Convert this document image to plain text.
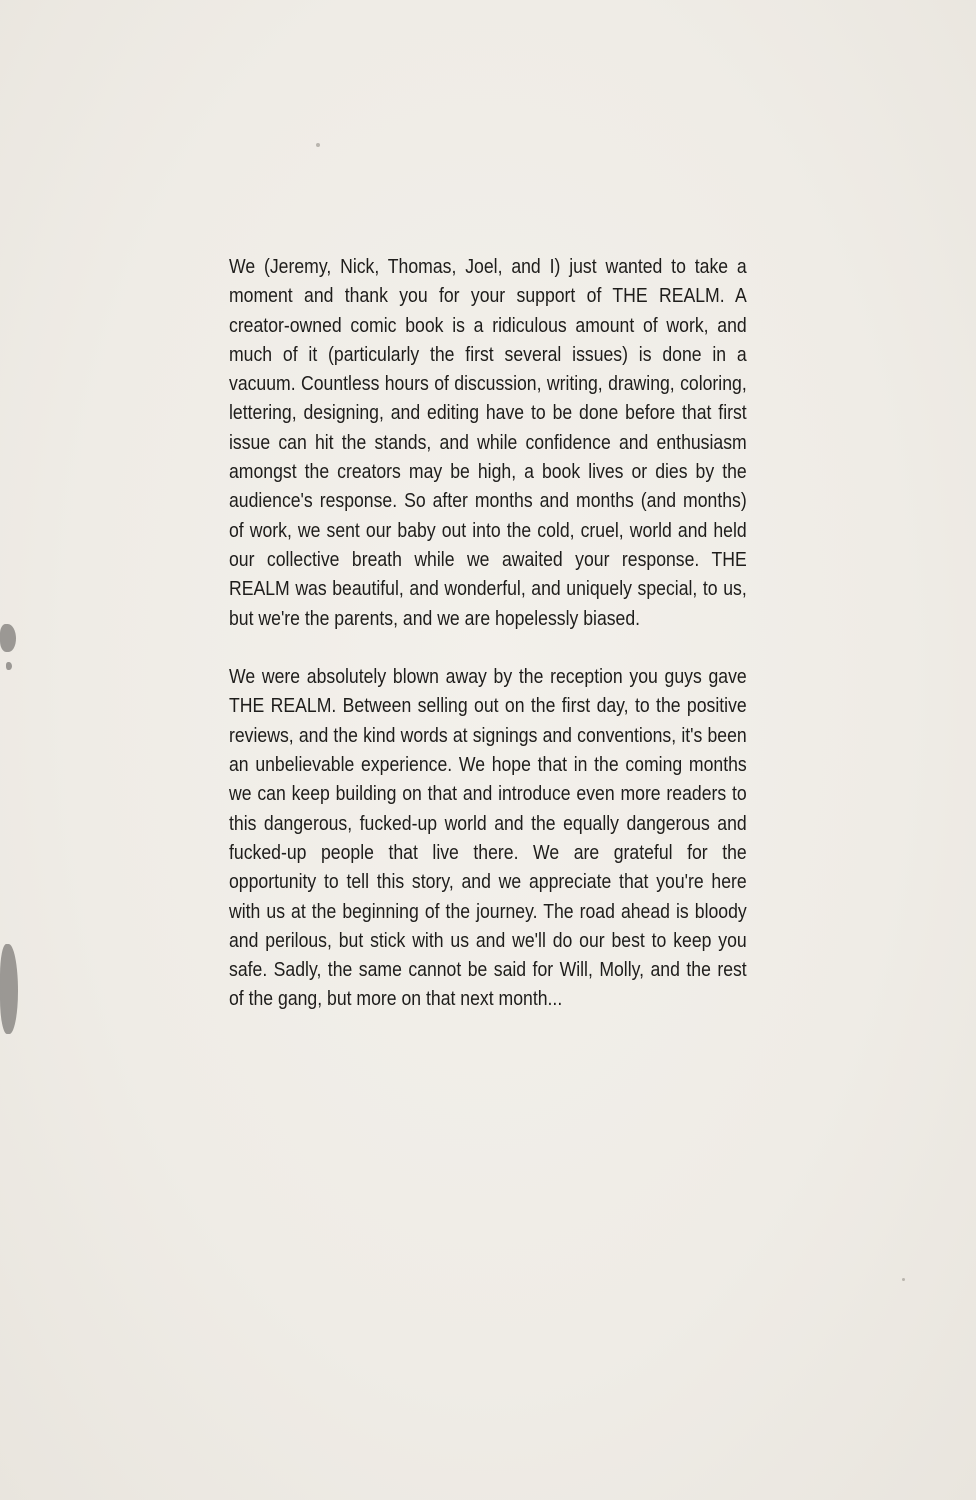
We (Jeremy, Nick, Thomas, Joel, and I) just wanted to take a moment and thank you for your support of THE REALM. A creator-owned comic book is a ridiculous amount of work, and much of it (particularly the first several issues) is done in a vacuum. Countless hours of discussion, writing, drawing, coloring, lettering, designing, and editing have to be done before that first issue can hit the stands, and while confidence and enthusiasm amongst the creators may be high, a book lives or dies by the audience's response. So after months and months (and months) of work, we sent our baby out into the cold, cruel, world and held our collective breath while we awaited your response. THE REALM was beautiful, and wonderful, and uniquely special, to us, but we're the parents, and we are hopelessly biased.

We were absolutely blown away by the reception you guys gave THE REALM. Between selling out on the first day, to the positive reviews, and the kind words at signings and conventions, it's been an unbelievable experience. We hope that in the coming months we can keep building on that and introduce even more readers to this dangerous, fucked-up world and the equally dangerous and fucked-up people that live there. We are grateful for the opportunity to tell this story, and we appreciate that you're here with us at the beginning of the journey. The road ahead is bloody and perilous, but stick with us and we'll do our best to keep you safe. Sadly, the same cannot be said for Will, Molly, and the rest of the gang, but more on that next month...
